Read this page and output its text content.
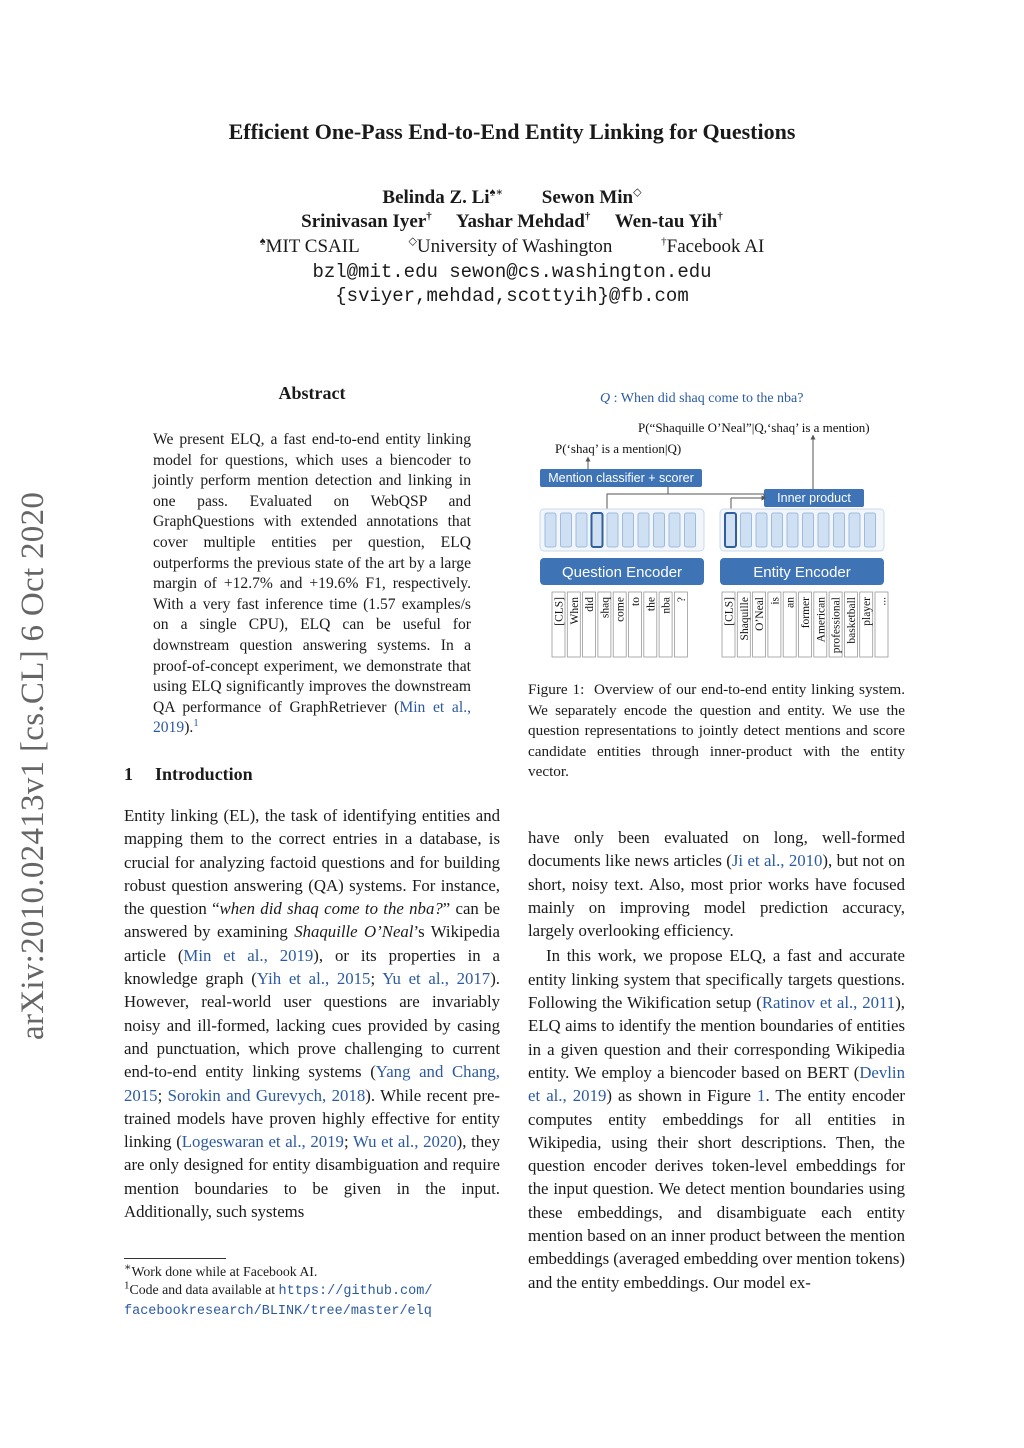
Efficient One-Pass End-to-End Entity Linking for Questions
Belinda Z. Li♠∗ Sewon Min◇
Srinivasan Iyer† Yashar Mehdad† Wen-tau Yih†
♠MIT CSAIL	◇University of Washington	†Facebook AI
bzl@mit.edu sewon@cs.washington.edu
{sviyer,mehdad,scottyih}@fb.com
arXiv:2010.02413v1 [cs.CL] 6 Oct 2020
Abstract
We present ELQ, a fast end-to-end entity linking model for questions, which uses a biencoder to jointly perform mention detection and linking in one pass. Evaluated on WebQSP and GraphQuestions with extended annotations that cover multiple entities per question, ELQ outperforms the previous state of the art by a large margin of +12.7% and +19.6% F1, respectively. With a very fast inference time (1.57 examples/s on a single CPU), ELQ can be useful for downstream question answering systems. In a proof-of-concept experiment, we demonstrate that using ELQ significantly improves the downstream QA performance of GraphRetriever (Min et al., 2019).$^1$
1 Introduction
Entity linking (EL), the task of identifying entities and mapping them to the correct entries in a database, is crucial for analyzing factoid questions and for building robust question answering (QA) systems. For instance, the question “when did shaq come to the nba?” can be answered by examining Shaquille O’Neal’s Wikipedia article (Min et al., 2019), or its properties in a knowledge graph (Yih et al., 2015; Yu et al., 2017). However, real-world user questions are invariably noisy and ill-formed, lacking cues provided by casing and punctuation, which prove challenging to current end-to-end entity linking systems (Yang and Chang, 2015; Sorokin and Gurevych, 2018). While recent pre-trained models have proven highly effective for entity linking (Logeswaran et al., 2019; Wu et al., 2020), they are only designed for entity disambiguation and require mention boundaries to be given in the input. Additionally, such systems
∗Work done while at Facebook AI.
$^1$Code and data available at https://github.com/
facebookresearch/BLINK/tree/master/elq
Q : When did shaq come to the nba?
P(“Shaquille O’Neal”|Q,‘shaq’ is a mention)
P(‘shaq’ is a mention|Q)
Mention classifier + scorer
Inner product
Question Encoder	Entity Encoder
[CLS] When did shaq come to the nba ?	[CLS] Shaquille O’Neal is an former American professional basketball player ...
Figure 1: Overview of our end-to-end entity linking system. We separately encode the question and entity. We use the question representations to jointly detect mentions and score candidate entities through inner-product with the entity vector.

have only been evaluated on long, well-formed documents like news articles (Ji et al., 2010), but not on short, noisy text. Also, most prior works have focused mainly on improving model prediction accuracy, largely overlooking efficiency.

In this work, we propose ELQ, a fast and accurate entity linking system that specifically targets questions. Following the Wikification setup (Ratinov et al., 2011), ELQ aims to identify the mention boundaries of entities in a given question and their corresponding Wikipedia entity. We employ a biencoder based on BERT (Devlin et al., 2019) as shown in Figure 1. The entity encoder computes entity embeddings for all entities in Wikipedia, using their short descriptions. Then, the question encoder derives token-level embeddings for the input question. We detect mention boundaries using these embeddings, and disambiguate each entity mention based on an inner product between the mention embeddings (averaged embedding over mention tokens) and the entity embeddings. Our model ex-
